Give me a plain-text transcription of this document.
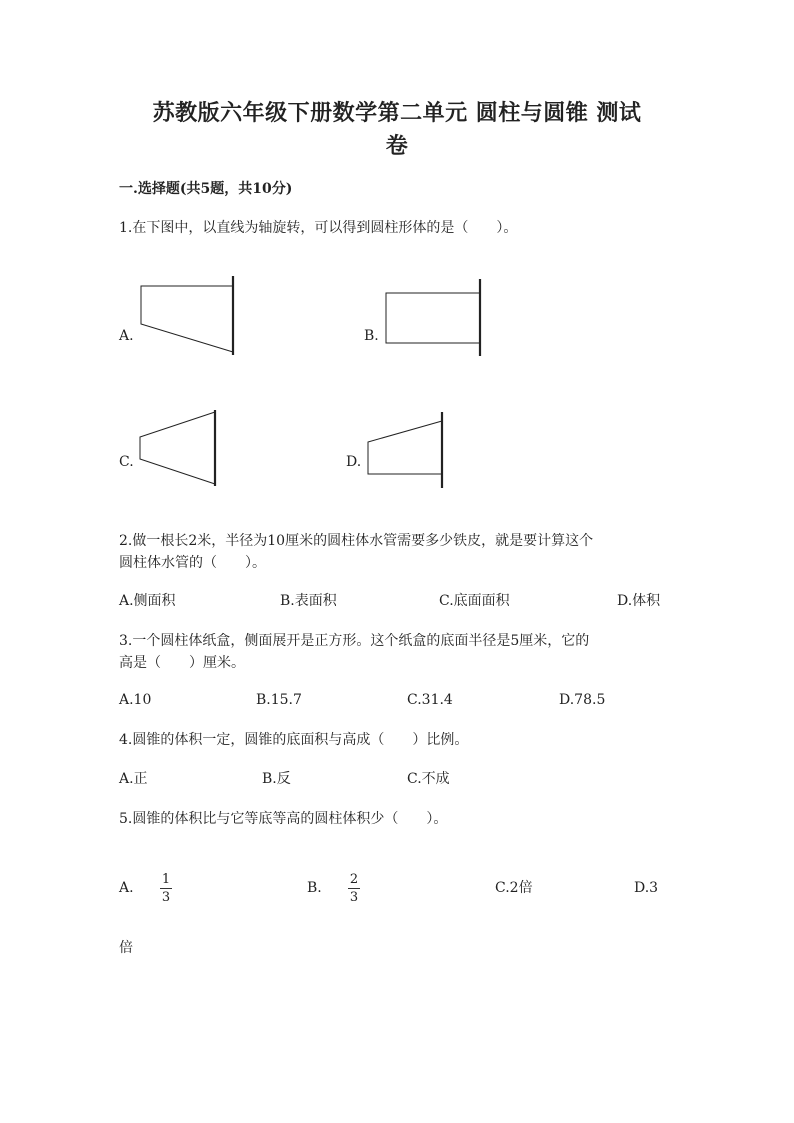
苏教版六年级下册数学第二单元 圆柱与圆锥 测试
卷
一.选择题(共5题，共10分)
1.在下图中，以直线为轴旋转，可以得到圆柱形体的是（　　）。
A.	B.
C.	D.
2.做一根长2米，半径为10厘米的圆柱体水管需要多少铁皮，就是要计算这个
圆柱体水管的（　　）。
A.侧面积	B.表面积	C.底面面积	D.体积
3.一个圆柱体纸盒，侧面展开是正方形。这个纸盒的底面半径是5厘米，它的
高是（　　）厘米。
A.10	B.15.7	C.31.4	D.78.5
4.圆锥的体积一定，圆锥的底面积与高成（　　）比例。
A.正	B.反	C.不成
5.圆锥的体积比与它等底等高的圆柱体积少（　　）。
A.
1
3
B.
2
3
C.2倍	D.3
倍
